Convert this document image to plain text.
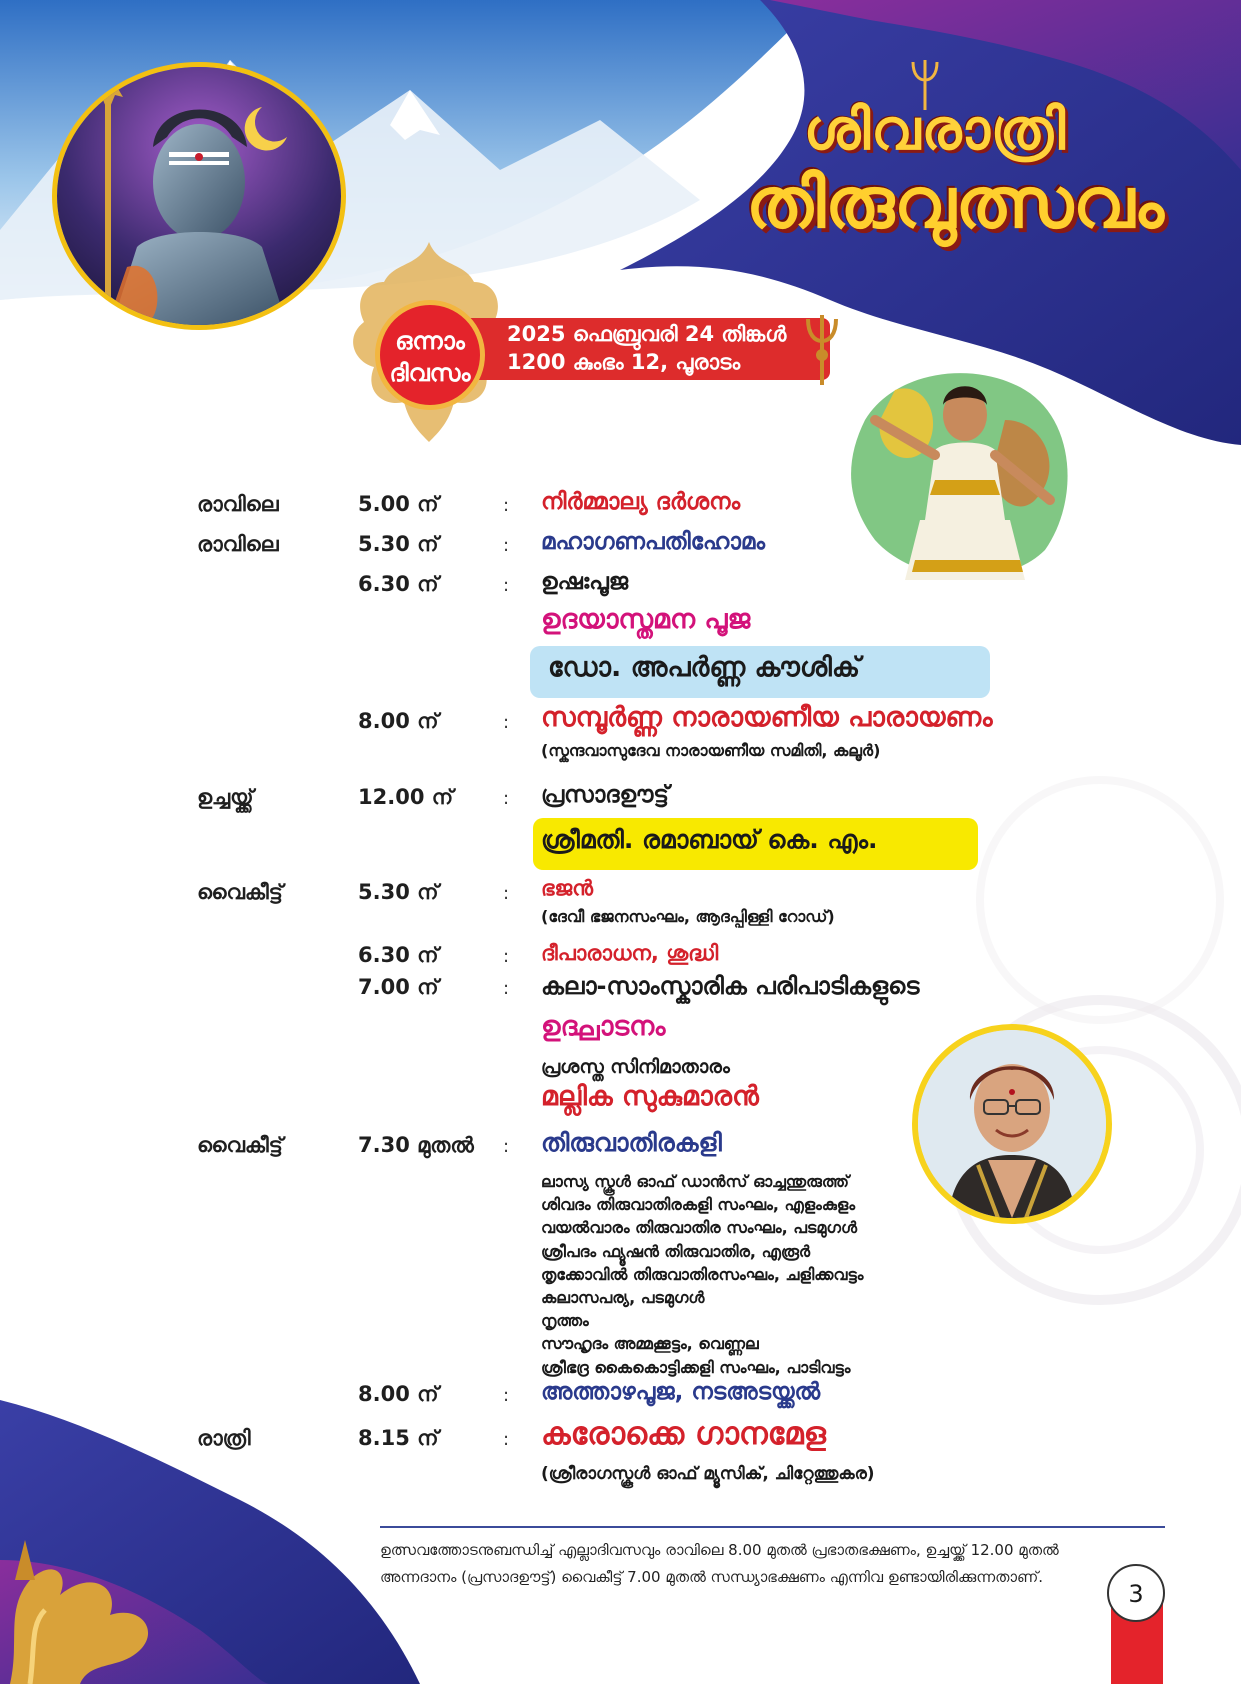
ശിവരാത്രി
തിരുവുത്സവം
ഒന്നാം
ദിവസം
2025 ഫെബ്രുവരി 24 തിങ്കൾ
1200 കുംഭം 12, പൂരാടം
രാവിലെ	5.00 ന്	: നിർമ്മാല്യ ദർശനം
രാവിലെ	5.30 ന്	: മഹാഗണപതിഹോമം
6.30 ന്	: ഉഷഃപൂജ
ഉദയാസ്തമന പൂജ
ഡോ. അപർണ്ണ കൗശിക്
8.00 ന്	: സമ്പൂർണ്ണ നാരായണീയ പാരായണം
(സ്കന്ദവാസുദേവ നാരായണീയ സമിതി, കലൂർ)
ഉച്ചയ്ക്ക്	12.00 ന്	: പ്രസാദഊട്ട്
ശ്രീമതി. രമാബായ് കെ. എം.
വൈകീട്ട്	5.30 ന്	: ഭജൻ
(ദേവീ ഭജനസംഘം, ആദപ്പിള്ളി റോഡ്)
6.30 ന്	: ദീപാരാധന, ശുദ്ധി
7.00 ന്	: കലാ-സാംസ്കാരിക പരിപാടികളുടെ
ഉദ്ഘാടനം
പ്രശസ്ത സിനിമാതാരം
മല്ലിക സുകുമാരൻ
വൈകീട്ട്	7.30 മുതൽ : തിരുവാതിരകളി
ലാസ്യ സ്കൂൾ ഓഫ് ഡാൻസ് ഓച്ചന്തുരുത്ത്
ശിവദം തിരുവാതിരകളി സംഘം, എളംകുളം
വയൽവാരം തിരുവാതിര സംഘം, പടമുഗൾ
ശ്രീപദം ഫ്യൂഷൻ തിരുവാതിര, എരൂർ
തൃക്കോവിൽ തിരുവാതിരസംഘം, ചളിക്കവട്ടം
കലാസപര്യ, പടമുഗൾ
നൃത്തം
സൗഹൃദം അമ്മക്കൂട്ടം, വെണ്ണല
ശ്രീഭദ്ര കൈകൊട്ടിക്കളി സംഘം, പാടിവട്ടം
8.00 ന്	: അത്താഴപൂജ, നടഅടയ്ക്കൽ
രാത്രി	8.15 ന്	: കരോക്കെ ഗാനമേള
(ശ്രീരാഗസ്കൂൾ ഓഫ് മ്യൂസിക്, ചിറ്റേത്തുകര)
ഉത്സവത്തോടനുബന്ധിച്ച് എല്ലാദിവസവും രാവിലെ 8.00 മുതൽ പ്രഭാതഭക്ഷണം, ഉച്ചയ്ക്ക് 12.00 മുതൽ
അന്നദാനം (പ്രസാദഊട്ട്) വൈകീട്ട് 7.00 മുതൽ സന്ധ്യാഭക്ഷണം എന്നിവ ഉണ്ടായിരിക്കുന്നതാണ്.
3
